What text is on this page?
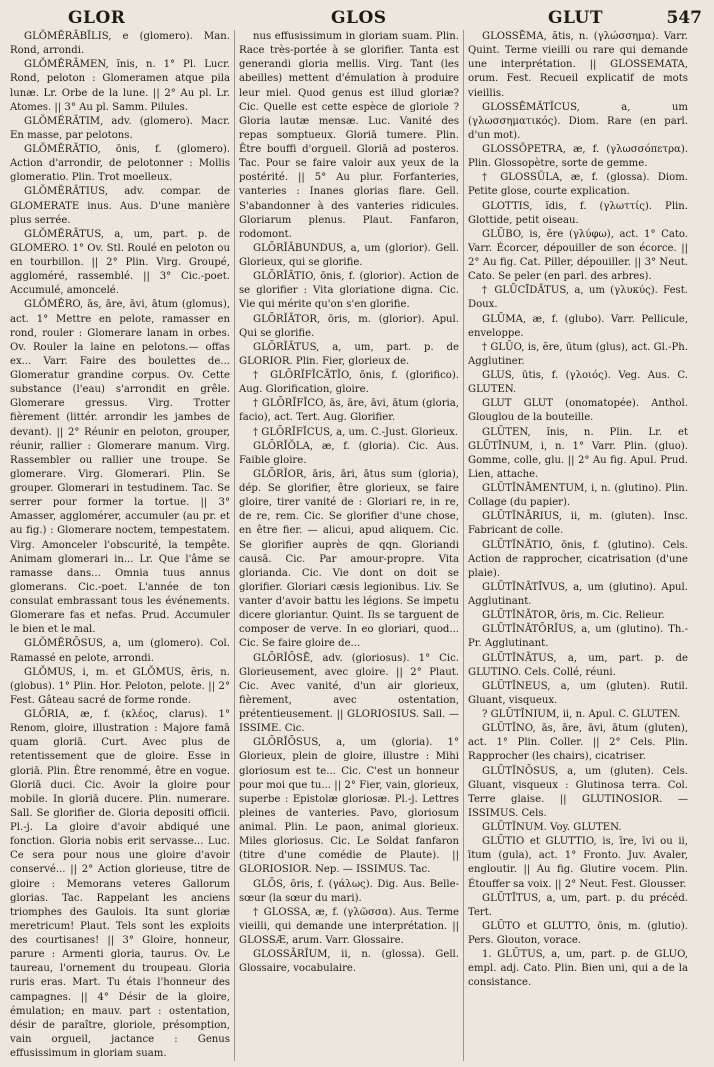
GLOR	GLOS	GLUT	547

GLŎMĔRĀBĬLIS, e (glomero). Man. Rond, arrondi.

GLŎMĔRĀMEN, ĭnis, n. 1° Pl. Lucr. Rond, peloton : Glomeramen atque pila lunæ. Lr. Orbe de la lune. || 2° Au pl. Lr. Atomes. || 3° Au pl. Samm. Pilules.

GLŎMĔRĀTIM, adv. (glomero). Macr. En masse, par pelotons.

GLŎMĔRĀTIO, ōnis, f. (glomero). Action d'arrondir, de pelotonner : Mollis glomeratio. Plin. Trot moelleux.

GLŎMĔRĀTIUS, adv. compar. de GLOMERATE inus. Aus. D'une manière plus serrée.

GLŎMĔRĀTUS, a, um, part. p. de GLOMERO. 1° Ov. Stl. Roulé en peloton ou en tourbillon. || 2° Plin. Virg. Groupé, aggloméré, rassemblé. || 3° Cic.-poet. Accumulé, amoncelé.

GLŎMĔRO, ās, āre, āvi, ātum (glomus), act. 1° Mettre en pelote, ramasser en rond, rouler : Glomerare lanam in orbes. Ov. Rouler la laine en pelotons.— offas ex... Varr. Faire des boulettes de... Glomeratur grandine corpus. Ov. Cette substance (l'eau) s'arrondit en grêle. Glomerare gressus. Virg. Trotter fièrement (littér. arrondir les jambes de devant). || 2° Réunir en peloton, grouper, réunir, rallier : Glomerare manum. Virg. Rassembler ou rallier une troupe. Se glomerare. Virg. Glomerari. Plin. Se grouper. Glomerari in testudinem. Tac. Se serrer pour former la tortue. || 3° Amasser, agglomérer, accumuler (au pr. et au fig.) : Glomerare noctem, tempestatem. Virg. Amonceler l'obscurité, la tempête. Animam glomerari in... Lr. Que l'âme se ramasse dans... Omnia tuus annus glomerans. Cic.-poet. L'année de ton consulat embrassant tous les événements. Glomerare fas et nefas. Prud. Accumuler le bien et le mal.

GLŎMĔRŌSUS, a, um (glomero). Col. Ramassé en pelote, arrondi.

GLŎMUS, i, m. et GLŎMUS, ĕris, n. (globus). 1° Plin. Hor. Peloton, pelote. || 2° Fest. Gâteau sacré de forme ronde.

GLŌRIA, æ, f. (κλέος, clarus). 1° Renom, gloire, illustration : Majore famā quam gloriā. Curt. Avec plus de retentissement que de gloire. Esse in gloriā. Plin. Être renommé, être en vogue. Gloriā duci. Cic. Avoir la gloire pour mobile. In gloriā ducere. Plin. numerare. Sall. Se glorifier de. Gloria depositi officii. Pl.-j. La gloire d'avoir abdiqué une fonction. Gloria nobis erit servasse... Luc. Ce sera pour nous une gloire d'avoir conservé... || 2° Action glorieuse, titre de gloire : Memorans veteres Gallorum glorias. Tac. Rappelant les anciens triomphes des Gaulois. Ita sunt gloriæ meretricum! Plaut. Tels sont les exploits des courtisanes! || 3° Gloire, honneur, parure : Armenti gloria, taurus. Ov. Le taureau, l'ornement du troupeau. Gloria ruris eras. Mart. Tu étais l'honneur des campagnes. || 4° Désir de la gloire, émulation; en mauv. part : ostentation, désir de paraître, gloriole, présomption, vain orgueil, jactance : Genus effusissimum in gloriam suam.

nus effusissimum in gloriam suam. Plin. Race très-portée à se glorifier. Tanta est generandi gloria mellis. Virg. Tant (les abeilles) mettent d'émulation à produire leur miel. Quod genus est illud gloriæ? Cic. Quelle est cette espèce de gloriole ? Gloria lautæ mensæ. Luc. Vanité des repas somptueux. Gloriā tumere. Plin. Être bouffi d'orgueil. Gloriā ad posteros. Tac. Pour se faire valoir aux yeux de la postérité. || 5° Au plur. Forfanteries, vanteries : Inanes glorias flare. Gell. S'abandonner à des vanteries ridicules. Gloriarum plenus. Plaut. Fanfaron, rodomont.

GLŌRĬĀBUNDUS, a, um (glorior). Gell. Glorieux, qui se glorifie.

GLŌRĬĀTIO, ōnis, f. (glorior). Action de se glorifier : Vita gloriatione digna. Cic. Vie qui mérite qu'on s'en glorifie.

GLŌRĬĀTOR, ōris, m. (glorior). Apul. Qui se glorifie.

GLŌRĬĀTUS, a, um, part. p. de GLORIOR. Plin. Fier, glorieux de.

† GLŌRĬFĬCĀTĬO, ōnis, f. (glorifico). Aug. Glorification, gloire.

† GLŌRĬFĬCO, ās, āre, āvi, ātum (gloria, facio), act. Tert. Aug. Glorifier.

† GLŌRĬFĬCUS, a, um. C.-Just. Glorieux.

GLŌRĬŎLA, æ, f. (gloria). Cic. Aus. Faible gloire.

GLŌRĬOR, āris, āri, ātus sum (gloria), dép. Se glorifier, être glorieux, se faire gloire, tirer vanité de : Gloriari re, in re, de re, rem. Cic. Se glorifier d'une chose, en être fier. — alicui, apud aliquem. Cic. Se glorifier auprès de qqn. Gloriandi causā. Cic. Par amour-propre. Vita glorianda. Cic. Vie dont on doit se glorifier. Gloriari cæsis legionibus. Liv. Se vanter d'avoir battu les légions. Se impetu dicere gloriantur. Quint. Ils se targuent de composer de verve. In eo gloriari, quod... Cic. Se faire gloire de...

GLŌRĬŌSĒ, adv. (gloriosus). 1° Cic. Glorieusement, avec gloire. || 2° Plaut. Cic. Avec vanité, d'un air glorieux, fièrement, avec ostentation, prétentieusement. || GLORIOSIUS. Sall. — ISSIME. Cic.

GLŌRĬŌSUS, a, um (gloria). 1° Glorieux, plein de gloire, illustre : Mihi gloriosum est te... Cic. C'est un honneur pour moi que tu... || 2° Fier, vain, glorieux, superbe : Epistolæ gloriosæ. Pl.-j. Lettres pleines de vanteries. Pavo, gloriosum animal. Plin. Le paon, animal glorieux. Miles gloriosus. Cic. Le Soldat fanfaron (titre d'une comédie de Plaute). || GLORIOSIOR. Nep. — ISSIMUS. Tac.

GLŌS, ōris, f. (γάλως). Dig. Aus. Belle-sœur (la sœur du mari).

† GLOSSA, æ, f. (γλῶσσα). Aus. Terme vieilli, qui demande une interprétation. || GLOSSÆ, arum. Varr. Glossaire.

GLOSSĀRĬUM, ii, n. (glossa). Gell. Glossaire, vocabulaire.

GLOSSĒMA, ătis, n. (γλώσσημα). Varr. Quint. Terme vieilli ou rare qui demande une interprétation. || GLOSSEMATA, orum. Fest. Recueil explicatif de mots vieillis.

GLOSSĒMĂTĬCUS, a, um (γλωσσηματικός). Diom. Rare (en parl. d'un mot).

GLOSSŎPETRA, æ, f. (γλωσσόπετρα). Plin. Glossopètre, sorte de gemme.

† GLOSSŬLA, æ, f. (glossa). Diom. Petite glose, courte explication.

GLOTTIS, ĭdis, f. (γλωττίς). Plin. Glottide, petit oiseau.

GLŪBO, is, ĕre (γλύφω), act. 1° Cato. Varr. Écorcer, dépouiller de son écorce. || 2° Au fig. Cat. Piller, dépouiller. || 3° Neut. Cato. Se peler (en parl. des arbres).

† GLŪCĪDĀTUS, a, um (γλυκύς). Fest. Doux.

GLŪMA, æ, f. (glubo). Varr. Pellicule, enveloppe.

† GLŪO, is, ĕre, ūtum (glus), act. Gl.-Ph. Agglutiner.

GLUS, ūtis, f. (γλοιός). Veg. Aus. C. GLUTEN.

GLUT GLUT (onomatopée). Anthol. Glouglou de la bouteille.

GLŪTEN, ĭnis, n. Plin. Lr. et GLŪTĬNUM, i, n. 1° Varr. Plin. (gluo). Gomme, colle, glu. || 2° Au fig. Apul. Prud. Lien, attache.

GLŪTĬNĀMENTUM, i, n. (glutino). Plin. Collage (du papier).

GLŪTĬNĀRIUS, ii, m. (gluten). Insc. Fabricant de colle.

GLŪTĬNĀTIO, ōnis, f. (glutino). Cels. Action de rapprocher, cicatrisation (d'une plaie).

GLŪTĬNĀTĪVUS, a, um (glutino). Apul. Agglutinant.

GLŪTĬNĀTOR, ōris, m. Cic. Relieur.

GLŪTĬNĀTŌRĬUS, a, um (glutino). Th.-Pr. Agglutinant.

GLŪTĬNĀTUS, a, um, part. p. de GLUTINO. Cels. Collé, réuni.

GLŪTĬNEUS, a, um (gluten). Rutil. Gluant, visqueux.

? GLŪTĬNIUM, ii, n. Apul. C. GLUTEN.

GLŪTĬNO, ās, āre, āvi, ātum (gluten), act. 1° Plin. Coller. || 2° Cels. Plin. Rapprocher (les chairs), cicatriser.

GLŪTĬNŌSUS, a, um (gluten). Cels. Gluant, visqueux : Glutinosa terra. Col. Terre glaise. || GLUTINOSIOR. — ISSIMUS. Cels.

GLŪTĬNUM. Voy. GLUTEN.

GLŪTIO et GLUTTIO, is, īre, īvi ou ii, ītum (gula), act. 1° Fronto. Juv. Avaler, engloutir. || Au fig. Glutire vocem. Plin. Étouffer sa voix. || 2° Neut. Fest. Glousser.

GLŪTĪTUS, a, um, part. p. du précéd. Tert.

GLŪTO et GLUTTO, ōnis, m. (glutio). Pers. Glouton, vorace.

1. GLŪTUS, a, um, part. p. de GLUO, empl. adj. Cato. Plin. Bien uni, qui a de la consistance.
